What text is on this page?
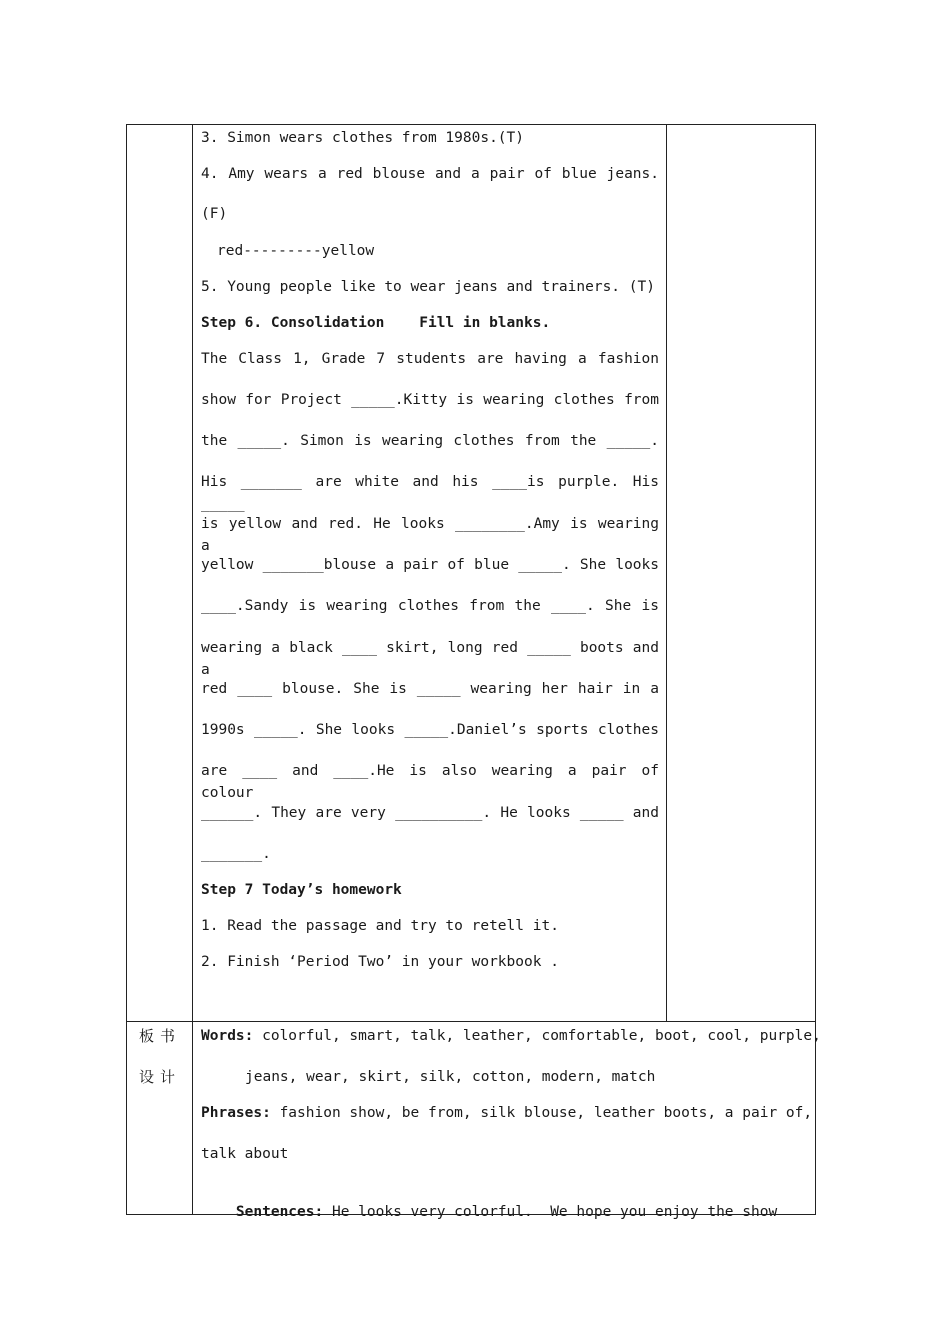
3. Simon wears clothes from 1980s.(T)
4. Amy wears a red blouse and a pair of blue jeans.
(F)
red---------yellow
5. Young people like to wear jeans and trainers. (T)
Step 6. Consolidation    Fill in blanks.
The Class 1, Grade 7 students are having a fashion
show for Project _____.Kitty is wearing clothes from
the _____. Simon is wearing clothes from the _____.
His _______ are white and his ____is purple. His _____
is yellow and red. He looks ________.Amy is wearing a
yellow _______blouse a pair of blue _____. She looks
____.Sandy is wearing clothes from the ____. She is
wearing a black ____ skirt, long red _____ boots and a
red ____ blouse. She is _____ wearing her hair in a
1990s _____. She looks _____.Daniel’s sports clothes
are ____ and ____.He is also wearing a pair of colour
______. They are very __________. He looks _____ and
_______.
Step 7 Today’s homework
1. Read the passage and try to retell it.
2. Finish ‘Period Two’ in your workbook .
板书
设计
Words: colorful, smart, talk, leather, comfortable, boot, cool, purple,
jeans, wear, skirt, silk, cotton, modern, match
Phrases: fashion show, be from, silk blouse, leather boots, a pair of,
talk about

Sentences: He looks very colorful.  We hope you enjoy the show
